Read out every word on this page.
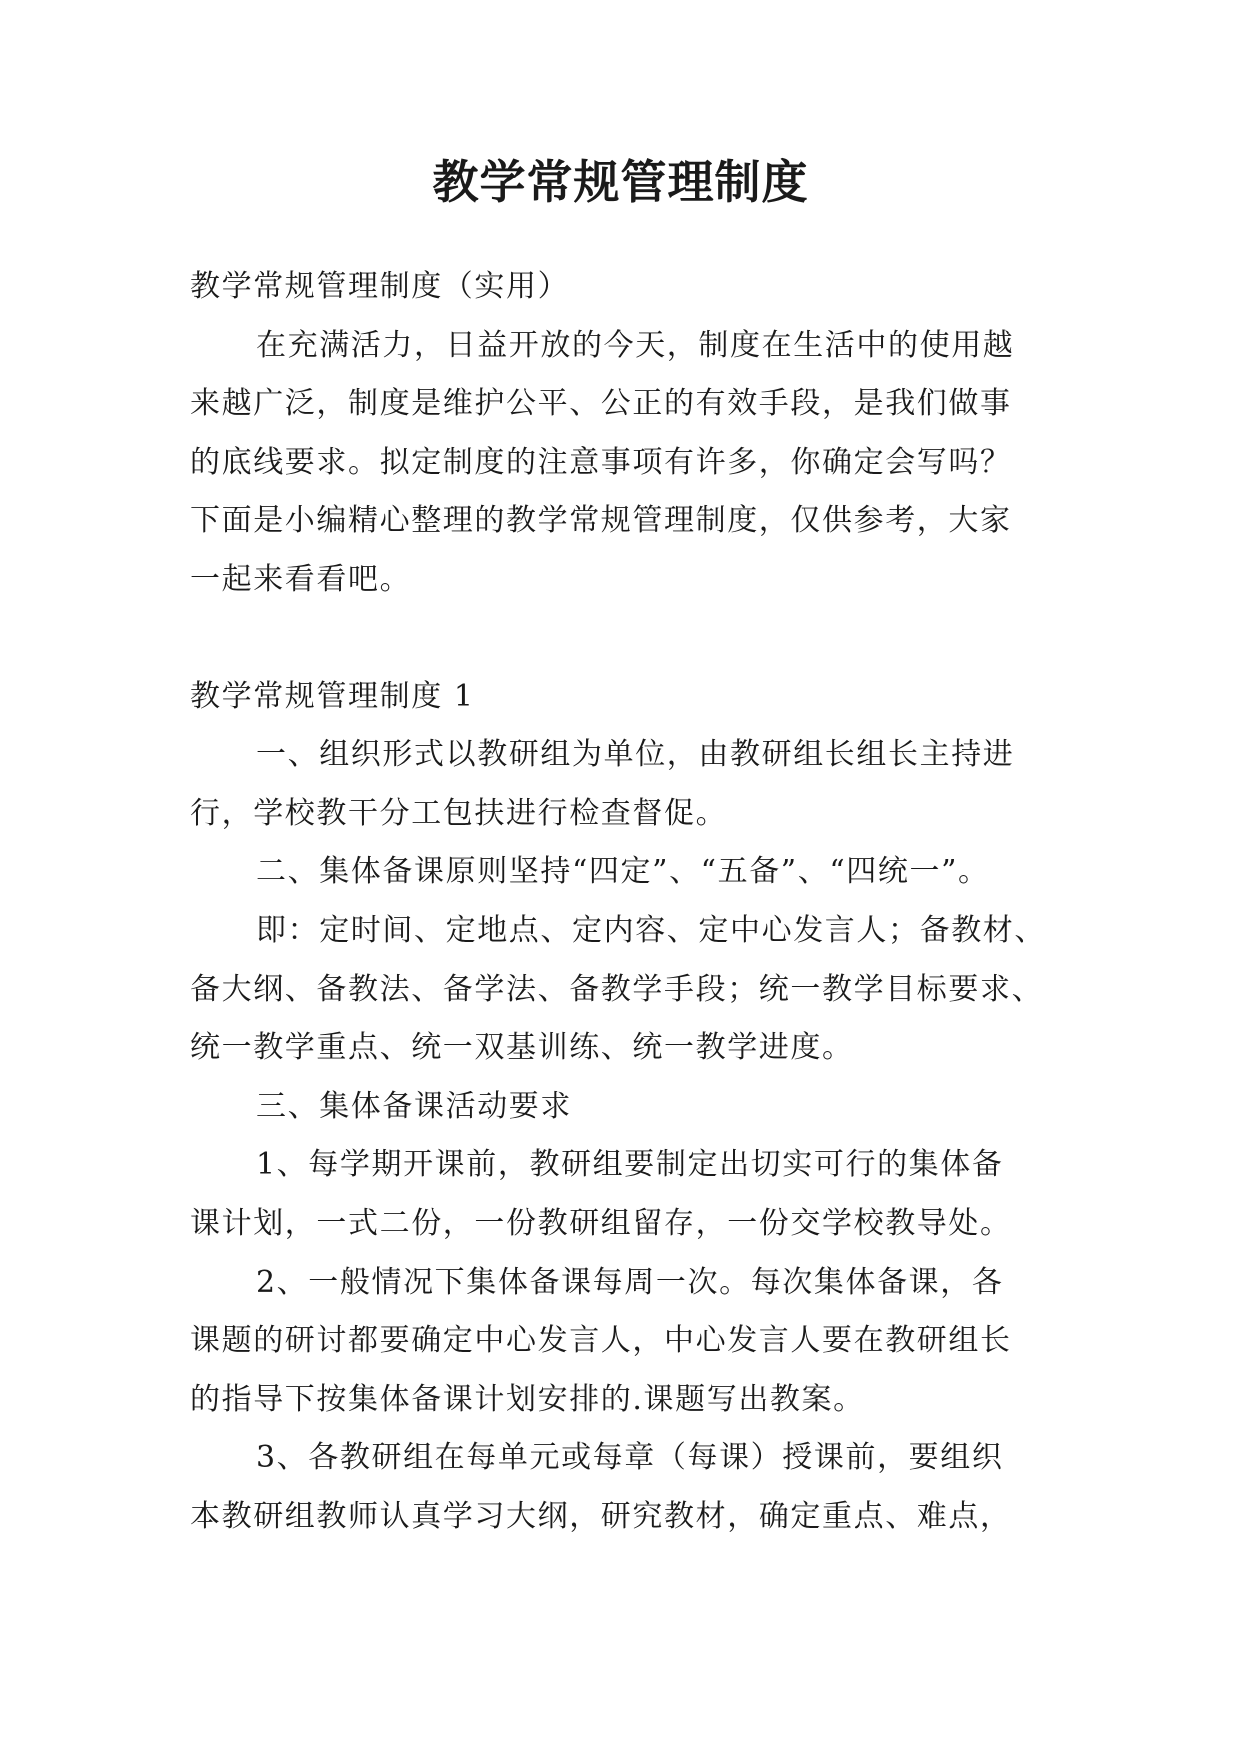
教学常规管理制度
教学常规管理制度（实用）
在充满活力，日益开放的今天，制度在生活中的使用越
来越广泛，制度是维护公平、公正的有效手段，是我们做事
的底线要求。拟定制度的注意事项有许多，你确定会写吗？
下面是小编精心整理的教学常规管理制度，仅供参考，大家
一起来看看吧。
教学常规管理制度 1
一、组织形式以教研组为单位，由教研组长组长主持进
行，学校教干分工包扶进行检查督促。
二、集体备课原则坚持“四定”、“五备”、“四统一”。
即：定时间、定地点、定内容、定中心发言人；备教材、
备大纲、备教法、备学法、备教学手段；统一教学目标要求、
统一教学重点、统一双基训练、统一教学进度。
三、集体备课活动要求
1、每学期开课前，教研组要制定出切实可行的集体备
课计划，一式二份，一份教研组留存，一份交学校教导处。
2、一般情况下集体备课每周一次。每次集体备课，各
课题的研讨都要确定中心发言人，中心发言人要在教研组长
的指导下按集体备课计划安排的.课题写出教案。
3、各教研组在每单元或每章（每课）授课前，要组织
本教研组教师认真学习大纲，研究教材，确定重点、难点，
